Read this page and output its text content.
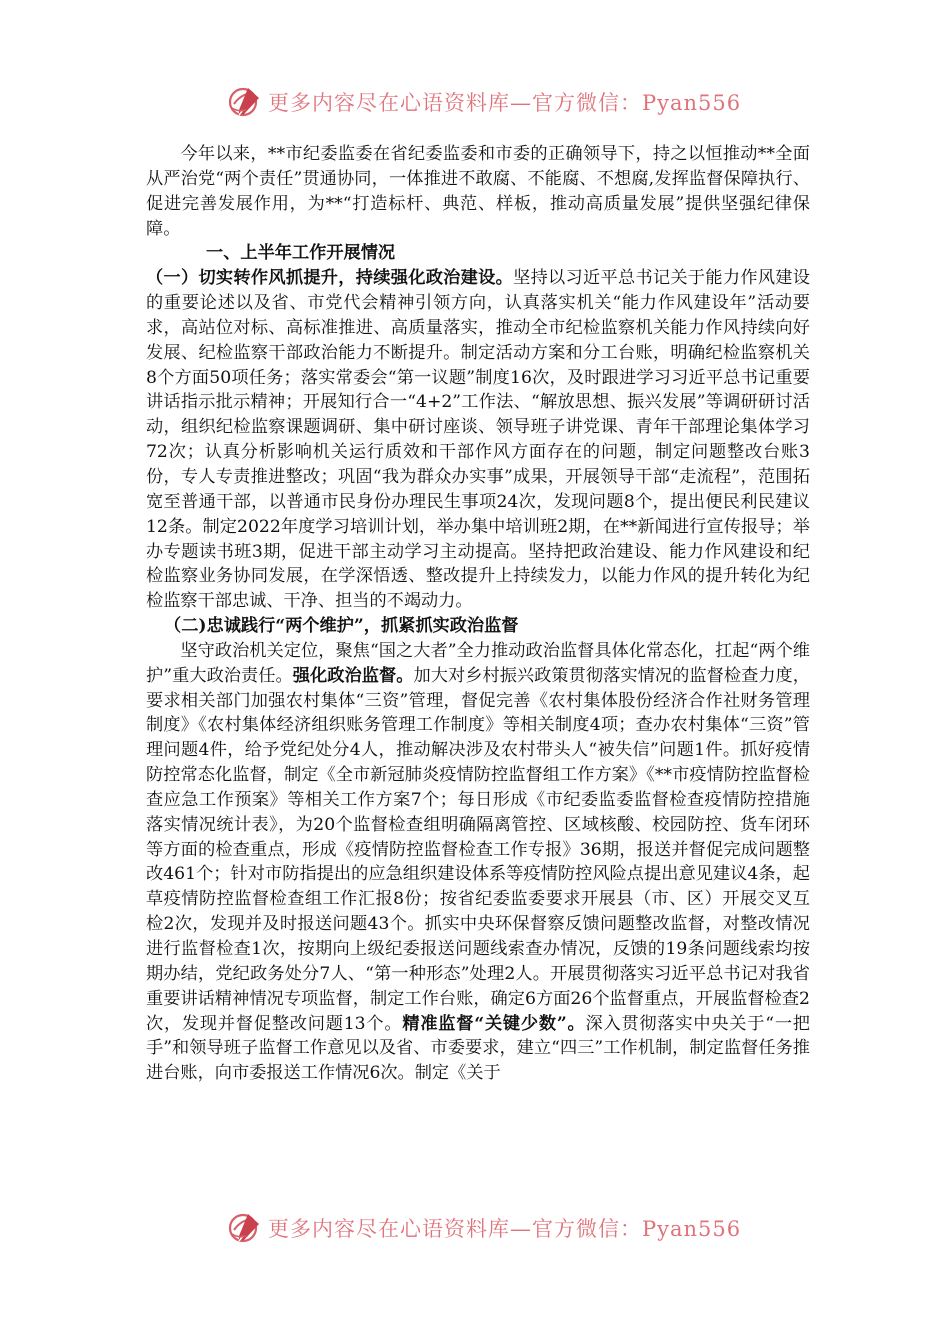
更多内容尽在心语资料库—官方微信：Pyan556

今年以来，**市纪委监委在省纪委监委和市委的正确领导下，持之以恒推动**全面从严治党“两个责任”贯通协同，一体推进不敢腐、不能腐、不想腐,发挥监督保障执行、促进完善发展作用，为**“打造标杆、典范、样板，推动高质量发展”提供坚强纪律保障。

一、上半年工作开展情况

（一）切实转作风抓提升，持续强化政治建设。坚持以习近平总书记关于能力作风建设的重要论述以及省、市党代会精神引领方向，认真落实机关“能力作风建设年”活动要求，高站位对标、高标准推进、高质量落实，推动全市纪检监察机关能力作风持续向好发展、纪检监察干部政治能力不断提升。制定活动方案和分工台账，明确纪检监察机关8个方面50项任务；落实常委会“第一议题”制度16次，及时跟进学习习近平总书记重要讲话指示批示精神；开展知行合一“4+2”工作法、“解放思想、振兴发展”等调研研讨活动，组织纪检监察课题调研、集中研讨座谈、领导班子讲党课、青年干部理论集体学习72次；认真分析影响机关运行质效和干部作风方面存在的问题，制定问题整改台账3份，专人专责推进整改；巩固“我为群众办实事”成果，开展领导干部“走流程”，范围拓宽至普通干部，以普通市民身份办理民生事项24次，发现问题8个，提出便民利民建议12条。制定2022年度学习培训计划，举办集中培训班2期，在**新闻进行宣传报导；举办专题读书班3期，促进干部主动学习主动提高。坚持把政治建设、能力作风建设和纪检监察业务协同发展，在学深悟透、整改提升上持续发力，以能力作风的提升转化为纪检监察干部忠诚、干净、担当的不竭动力。

（二)忠诚践行“两个维护”，抓紧抓实政治监督

坚守政治机关定位，聚焦“国之大者”全力推动政治监督具体化常态化，扛起“两个维护”重大政治责任。强化政治监督。加大对乡村振兴政策贯彻落实情况的监督检查力度，要求相关部门加强农村集体“三资”管理，督促完善《农村集体股份经济合作社财务管理制度》《农村集体经济组织账务管理工作制度》等相关制度4项；查办农村集体“三资”管理问题4件，给予党纪处分4人，推动解决涉及农村带头人“被失信”问题1件。抓好疫情防控常态化监督，制定《全市新冠肺炎疫情防控监督组工作方案》《**市疫情防控监督检查应急工作预案》等相关工作方案7个；每日形成《市纪委监委监督检查疫情防控措施落实情况统计表》，为20个监督检查组明确隔离管控、区域核酸、校园防控、货车闭环等方面的检查重点，形成《疫情防控监督检查工作专报》36期，报送并督促完成问题整改461个；针对市防指提出的应急组织建设体系等疫情防控风险点提出意见建议4条，起草疫情防控监督检查组工作汇报8份；按省纪委监委要求开展县（市、区）开展交叉互检2次，发现并及时报送问题43个。抓实中央环保督察反馈问题整改监督，对整改情况进行监督检查1次，按期向上级纪委报送问题线索查办情况，反馈的19条问题线索均按期办结，党纪政务处分7人、“第一种形态”处理2人。开展贯彻落实习近平总书记对我省重要讲话精神情况专项监督，制定工作台账，确定6方面26个监督重点，开展监督检查2次，发现并督促整改问题13个。精准监督“关键少数”。深入贯彻落实中央关于“一把手”和领导班子监督工作意见以及省、市委要求，建立“四三”工作机制，制定监督任务推进台账，向市委报送工作情况6次。制定《关于

更多内容尽在心语资料库—官方微信：Pyan556
